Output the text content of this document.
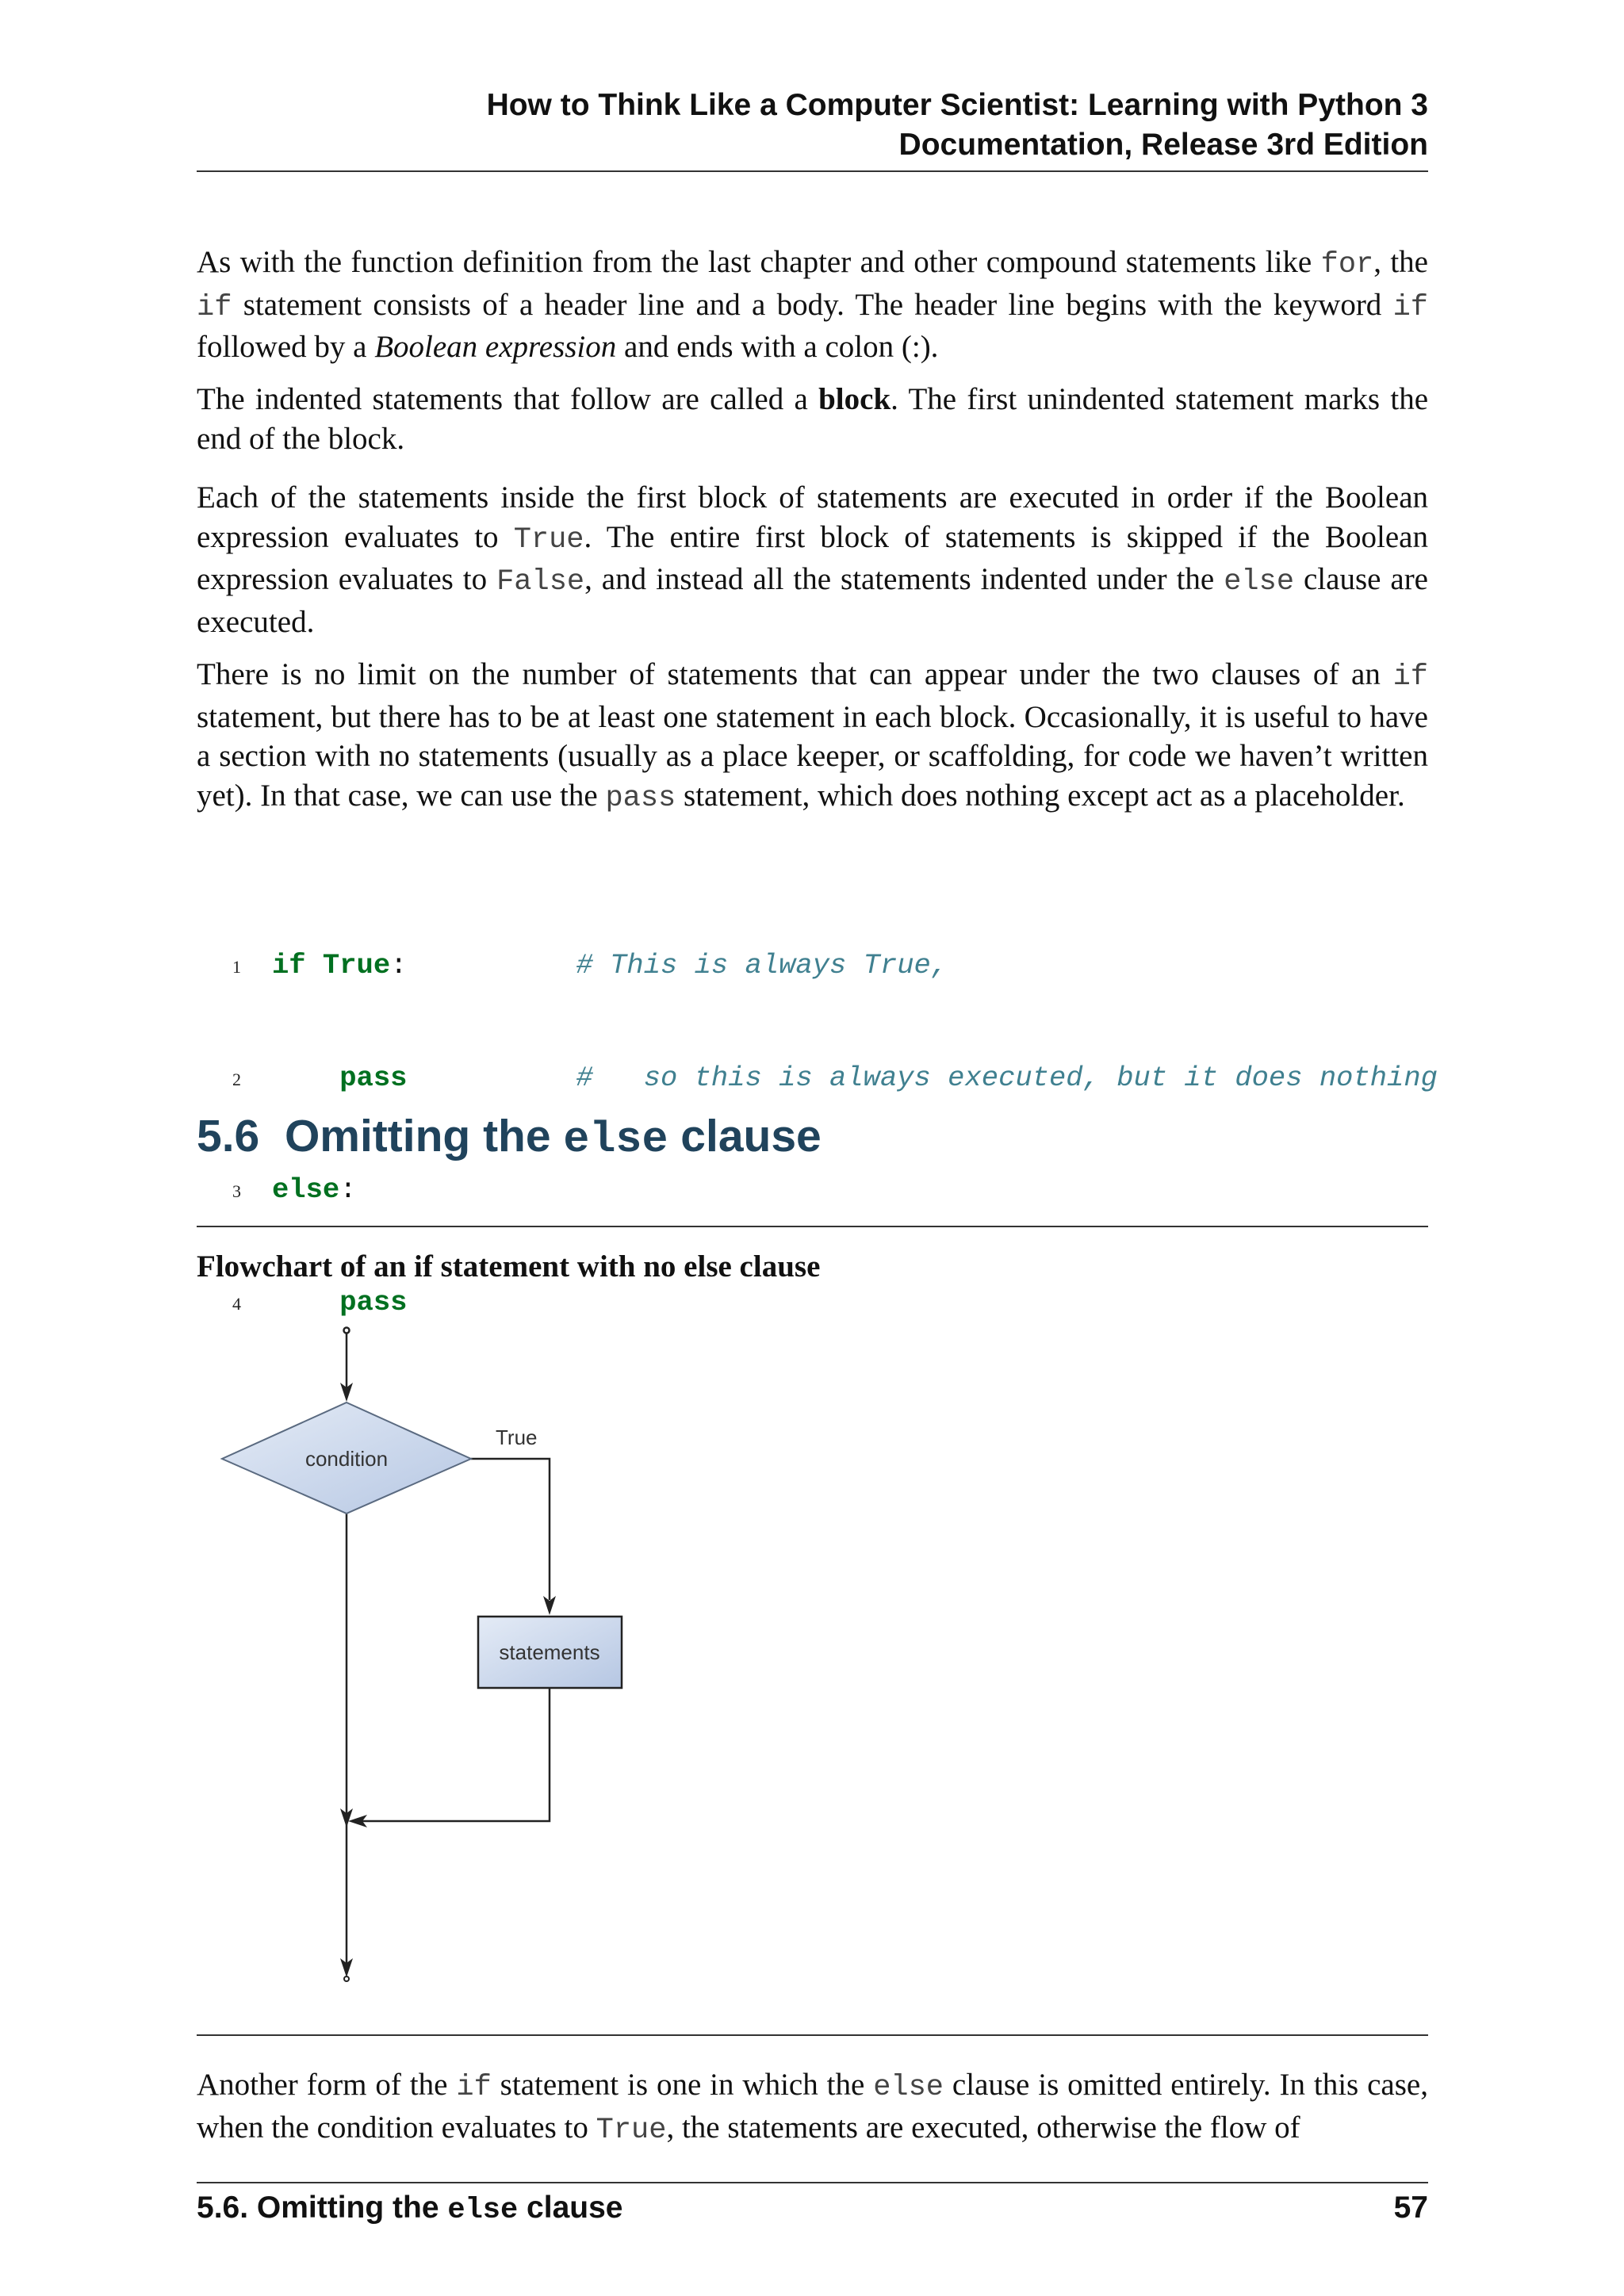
How to Think Like a Computer Scientist: Learning with Python 3
Documentation, Release 3rd Edition

As with the function definition from the last chapter and other compound statements like for, the if statement consists of a header line and a body. The header line begins with the keyword if followed by a Boolean expression and ends with a colon (:).

The indented statements that follow are called a block. The first unindented statement marks the end of the block.

Each of the statements inside the first block of statements are executed in order if the Boolean expression evaluates to True. The entire first block of statements is skipped if the Boolean expression evaluates to False, and instead all the statements indented under the else clause are executed.

There is no limit on the number of statements that can appear under the two clauses of an if statement, but there has to be at least one statement in each block. Occasionally, it is useful to have a section with no statements (usually as a place keeper, or scaffolding, for code we haven’t written yet). In that case, we can use the pass statement, which does nothing except act as a placeholder.

1 if True:	# This is always True,

2    pass	#   so this is always executed, but it does nothing

3 else:

4    pass

5.6 Omitting the else clause
Flowchart of an if statement with no else clause
condition
True
statements

Another form of the if statement is one in which the else clause is omitted entirely. In this case, when the condition evaluates to True, the statements are executed, otherwise the flow of

5.6. Omitting the else clause	57
